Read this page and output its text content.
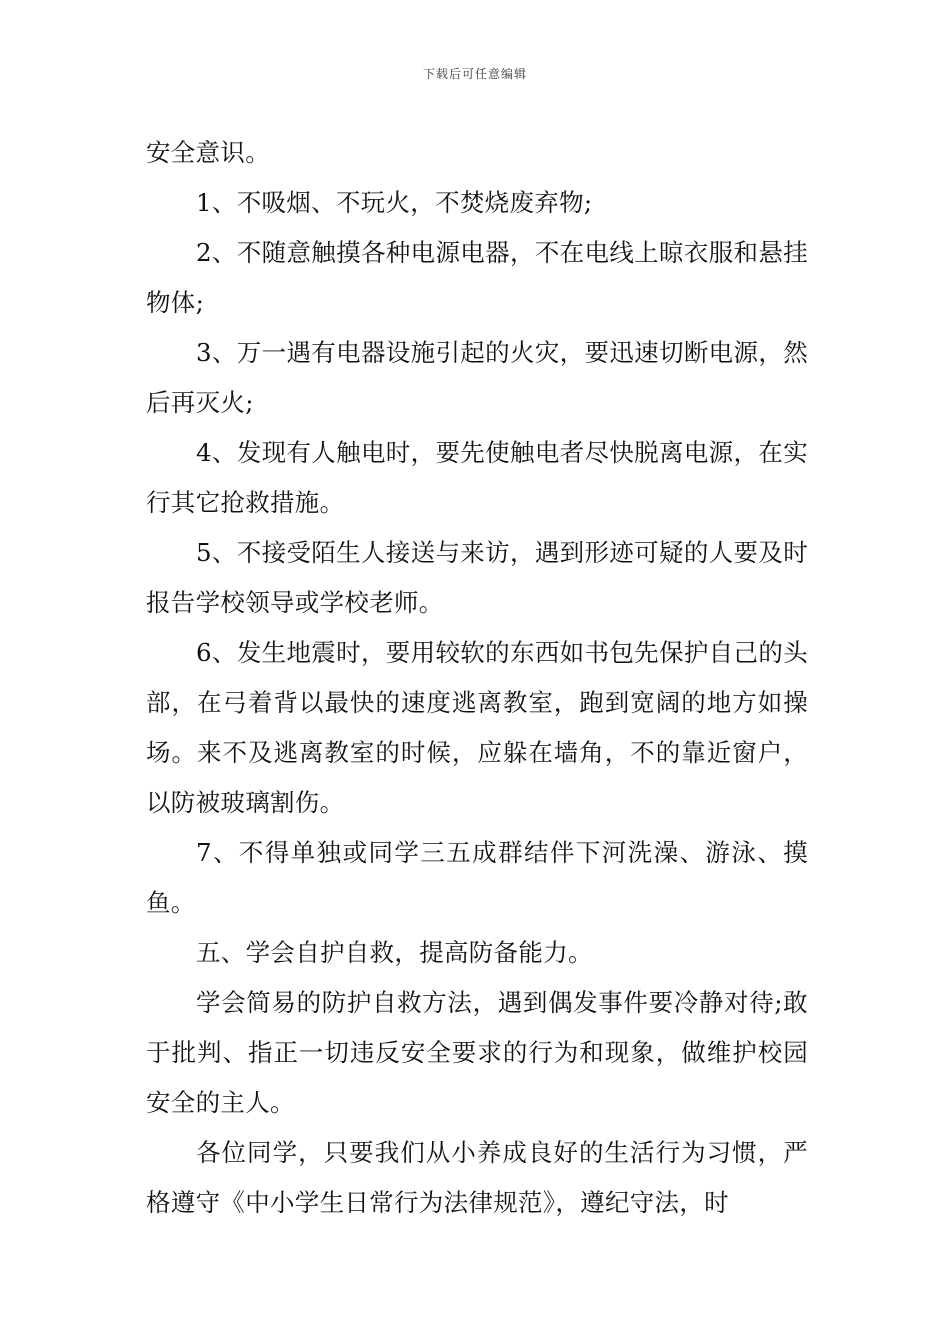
下载后可任意编辑

安全意识。

1、不吸烟、不玩火，不焚烧废弃物;

2、不随意触摸各种电源电器，不在电线上晾衣服和悬挂物体;

3、万一遇有电器设施引起的火灾，要迅速切断电源，然后再灭火;

4、发现有人触电时，要先使触电者尽快脱离电源，在实行其它抢救措施。

5、不接受陌生人接送与来访，遇到形迹可疑的人要及时报告学校领导或学校老师。

6、发生地震时，要用较软的东西如书包先保护自己的头部，在弓着背以最快的速度逃离教室，跑到宽阔的地方如操场。来不及逃离教室的时候，应躲在墙角，不的靠近窗户，以防被玻璃割伤。

7、不得单独或同学三五成群结伴下河洗澡、游泳、摸鱼。

五、学会自护自救，提高防备能力。

学会简易的防护自救方法，遇到偶发事件要冷静对待;敢于批判、指正一切违反安全要求的行为和现象，做维护校园安全的主人。

各位同学，只要我们从小养成良好的生活行为习惯，严格遵守《中小学生日常行为法律规范》，遵纪守法，时
